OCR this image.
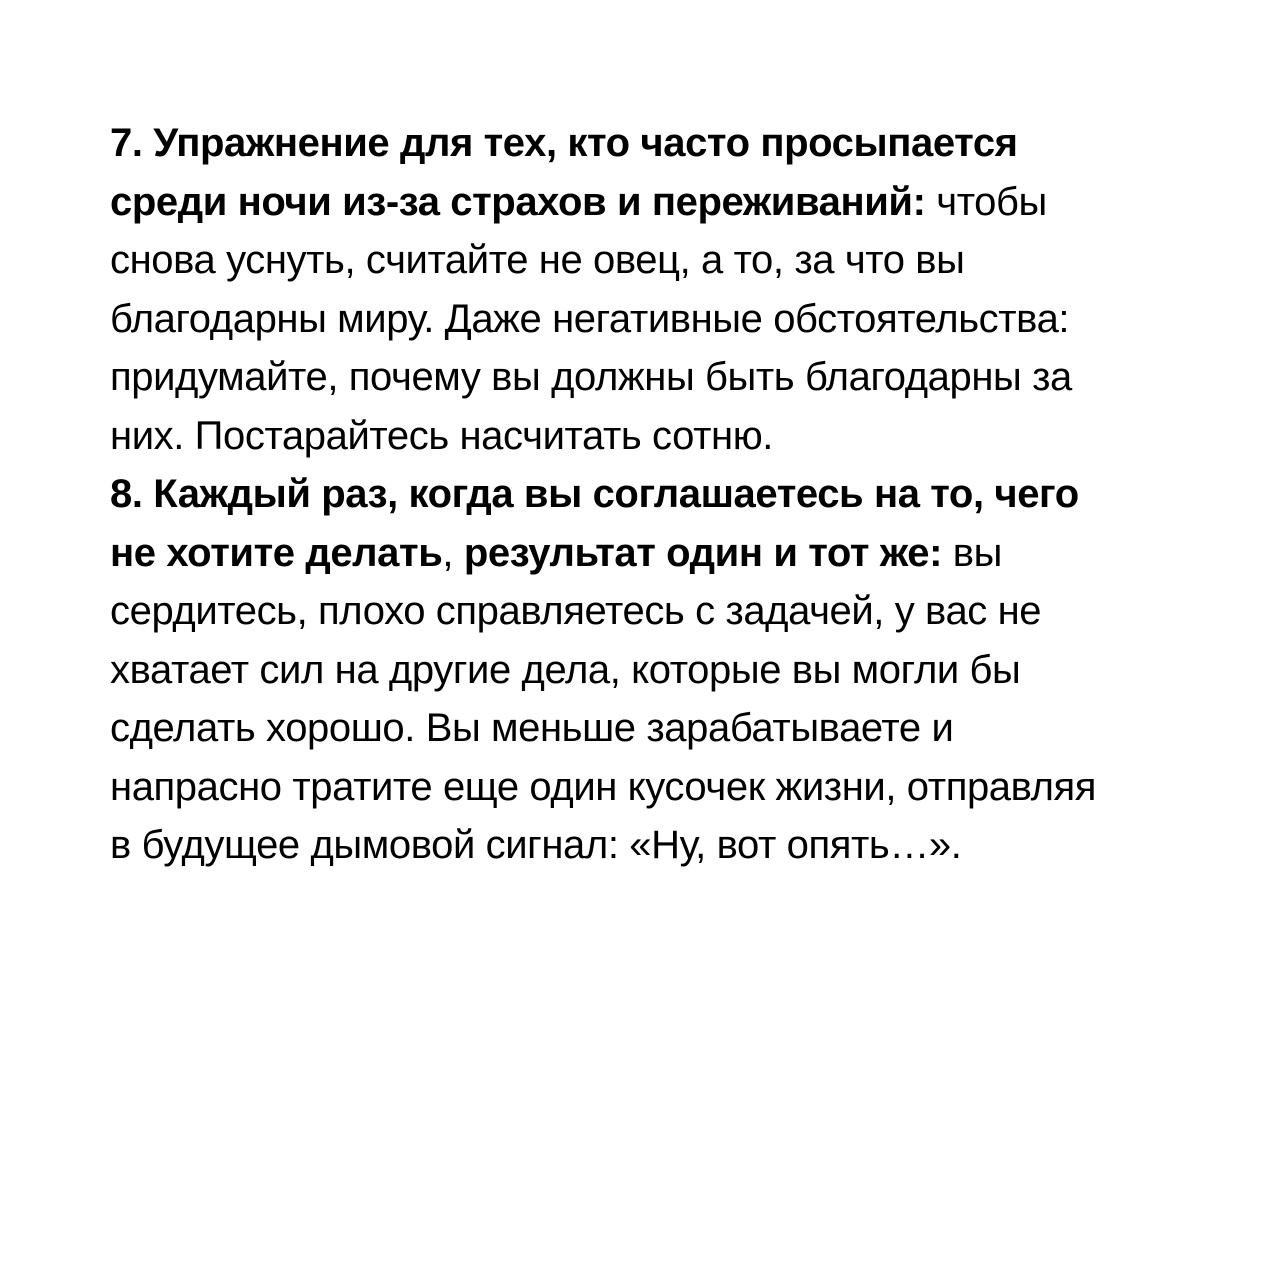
7. Упражнение для тех, кто часто просыпается
среди ночи из-за страхов и переживаний: чтобы
снова уснуть, считайте не овец, а то, за что вы
благодарны миру. Даже негативные обстоятельства:
придумайте, почему вы должны быть благодарны за
них. Постарайтесь насчитать сотню.
8. Каждый раз, когда вы соглашаетесь на то, чего
не хотите делать, результат один и тот же: вы
сердитесь, плохо справляетесь с задачей, у вас не
хватает сил на другие дела, которые вы могли бы
сделать хорошо. Вы меньше зарабатываете и
напрасно тратите еще один кусочек жизни, отправляя
в будущее дымовой сигнал: «Ну, вот опять…».
